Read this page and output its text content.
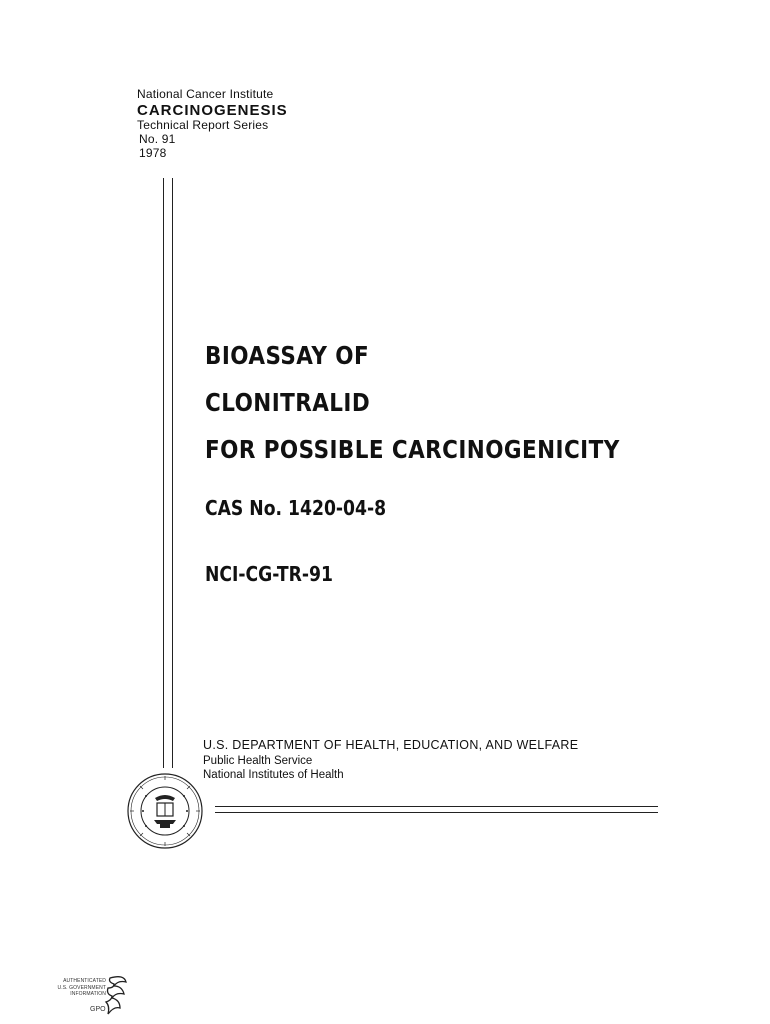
National Cancer Institute
CARCINOGENESIS
Technical Report Series
No. 91
1978
BIOASSAY OF
CLONITRALID
FOR POSSIBLE CARCINOGENICITY
CAS No. 1420-04-8
NCI-CG-TR-91
U.S. DEPARTMENT OF HEALTH, EDUCATION, AND WELFARE
Public Health Service
National Institutes of Health
AUTHENTICATED
U.S. GOVERNMENT
INFORMATION
GPO
